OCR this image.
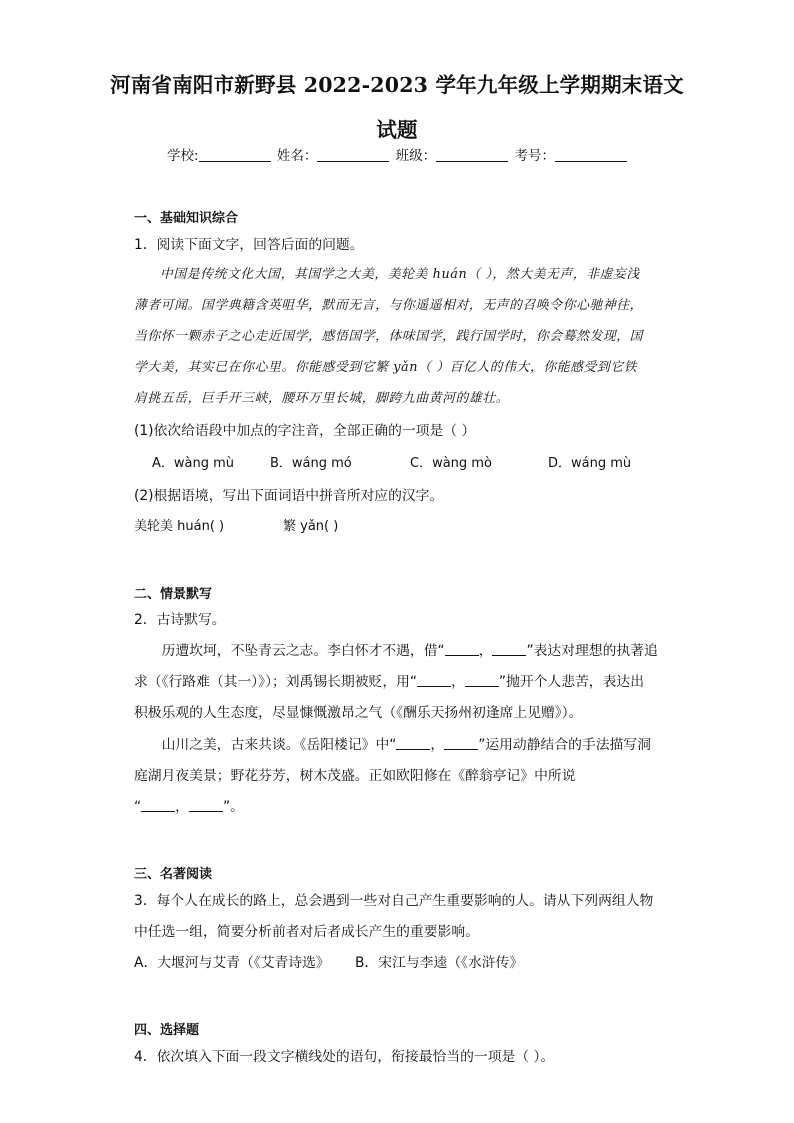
河南省南阳市新野县 2022-2023 学年九年级上学期期末语文
试题
学校:	姓名：	班级：	考号：
一、基础知识综合
1．阅读下面文字，回答后面的问题。
中国是传统文化大国，其国学之大美，美轮美 huán（ ），然大美无声，非虚妄浅
薄者可闻。国学典籍含英咀华，默而无言，与你遥遥相对，无声的召唤令你心驰神往，
当你怀一颗赤子之心走近国学，感悟国学，体味国学，践行国学时，你会蓦然发现，国
学大美，其实已在你心里。你能感受到它繁 yǎn（ ）百亿人的伟大，你能感受到它铁
肩挑五岳，巨手开三峡，腰环万里长城，脚跨九曲黄河的雄壮。
(1)依次给语段中加点的字注音，全部正确的一项是（ ）
A．wàng mù	B．wáng mó	C．wàng mò	D．wáng mù
(2)根据语境，写出下面词语中拼音所对应的汉字。
美轮美 huán( )	繁 yǎn( )
二、情景默写
2．古诗默写。
　　历遭坎坷，不坠青云之志。李白怀才不遇，借“ ， ”表达对理想的执著追
求（《行路难（其一）》）；刘禹锡长期被贬，用“ ， ”抛开个人悲苦，表达出
积极乐观的人生态度，尽显慷慨激昂之气（《酬乐天扬州初逢席上见赠》）。
　　山川之美，古来共谈。《岳阳楼记》中“ ， ”运用动静结合的手法描写洞
庭湖月夜美景；野花芬芳，树木茂盛。正如欧阳修在《醉翁亭记》中所说
“ ， ”。
三、名著阅读
3．每个人在成长的路上，总会遇到一些对自己产生重要影响的人。请从下列两组人物
中任选一组，简要分析前者对后者成长产生的重要影响。
A．大堰河与艾青（《艾青诗选》 B．宋江与李逵（《水浒传》
四、选择题
4．依次填入下面一段文字横线处的语句，衔接最恰当的一项是（ ）。
